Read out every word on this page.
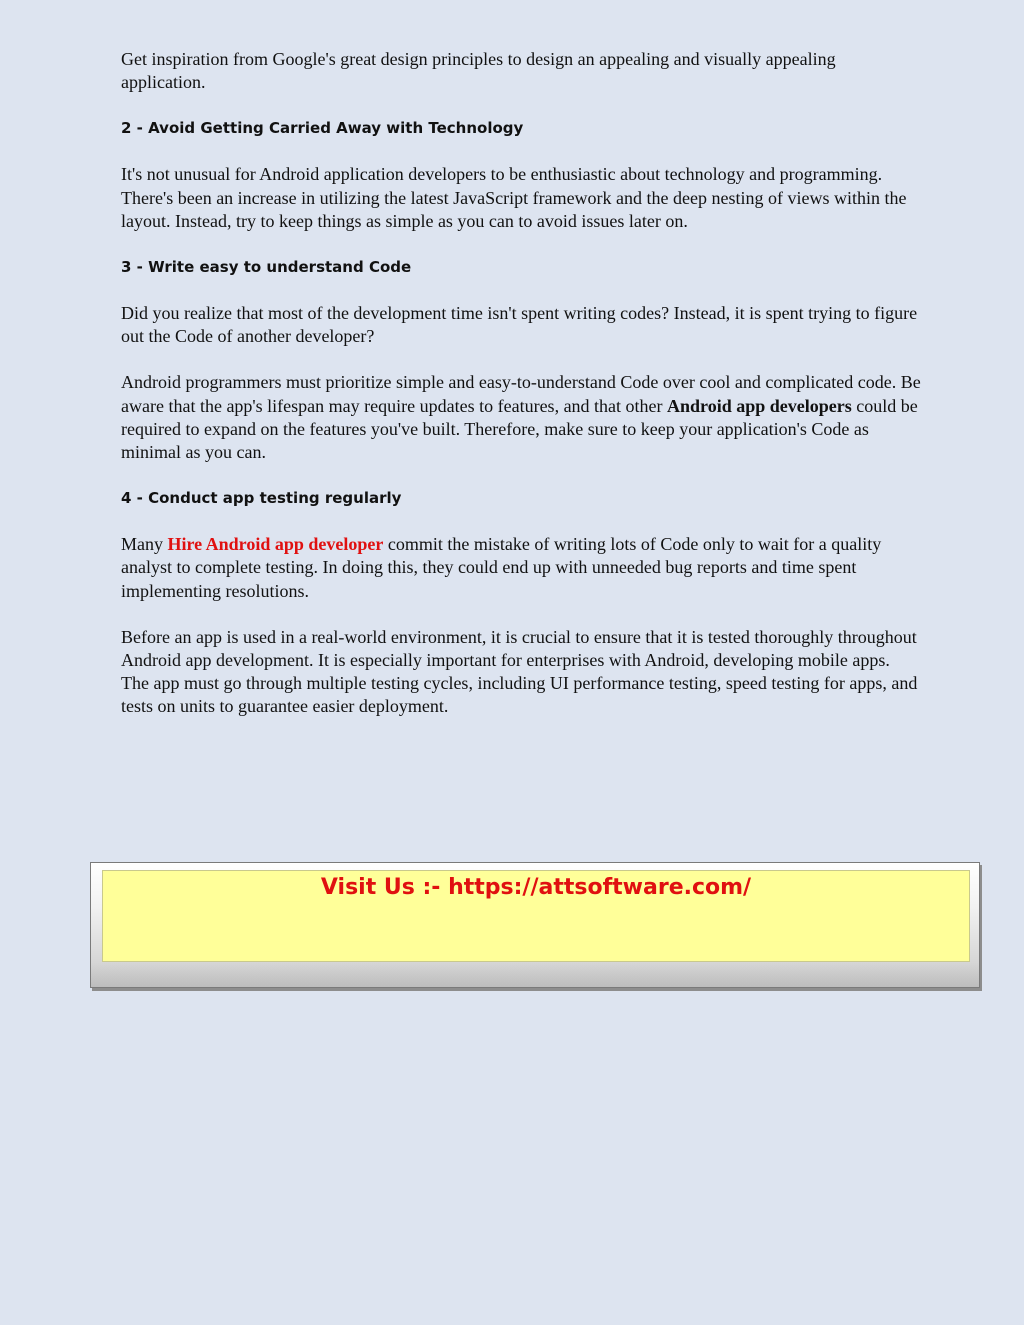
Get inspiration from Google's great design principles to design an appealing and visually appealing application.

2 - Avoid Getting Carried Away with Technology

It's not unusual for Android application developers to be enthusiastic about technology and programming. There's been an increase in utilizing the latest JavaScript framework and the deep nesting of views within the layout. Instead, try to keep things as simple as you can to avoid issues later on.

3 - Write easy to understand Code

Did you realize that most of the development time isn't spent writing codes? Instead, it is spent trying to figure out the Code of another developer?

Android programmers must prioritize simple and easy-to-understand Code over cool and complicated code. Be aware that the app's lifespan may require updates to features, and that other Android app developers could be required to expand on the features you've built. Therefore, make sure to keep your application's Code as minimal as you can.

4 - Conduct app testing regularly

Many Hire Android app developer commit the mistake of writing lots of Code only to wait for a quality analyst to complete testing. In doing this, they could end up with unneeded bug reports and time spent implementing resolutions.

Before an app is used in a real-world environment, it is crucial to ensure that it is tested thoroughly throughout Android app development. It is especially important for enterprises with Android, developing mobile apps. The app must go through multiple testing cycles, including UI performance testing, speed testing for apps, and tests on units to guarantee easier deployment.

Visit Us :- https://attsoftware.com/
